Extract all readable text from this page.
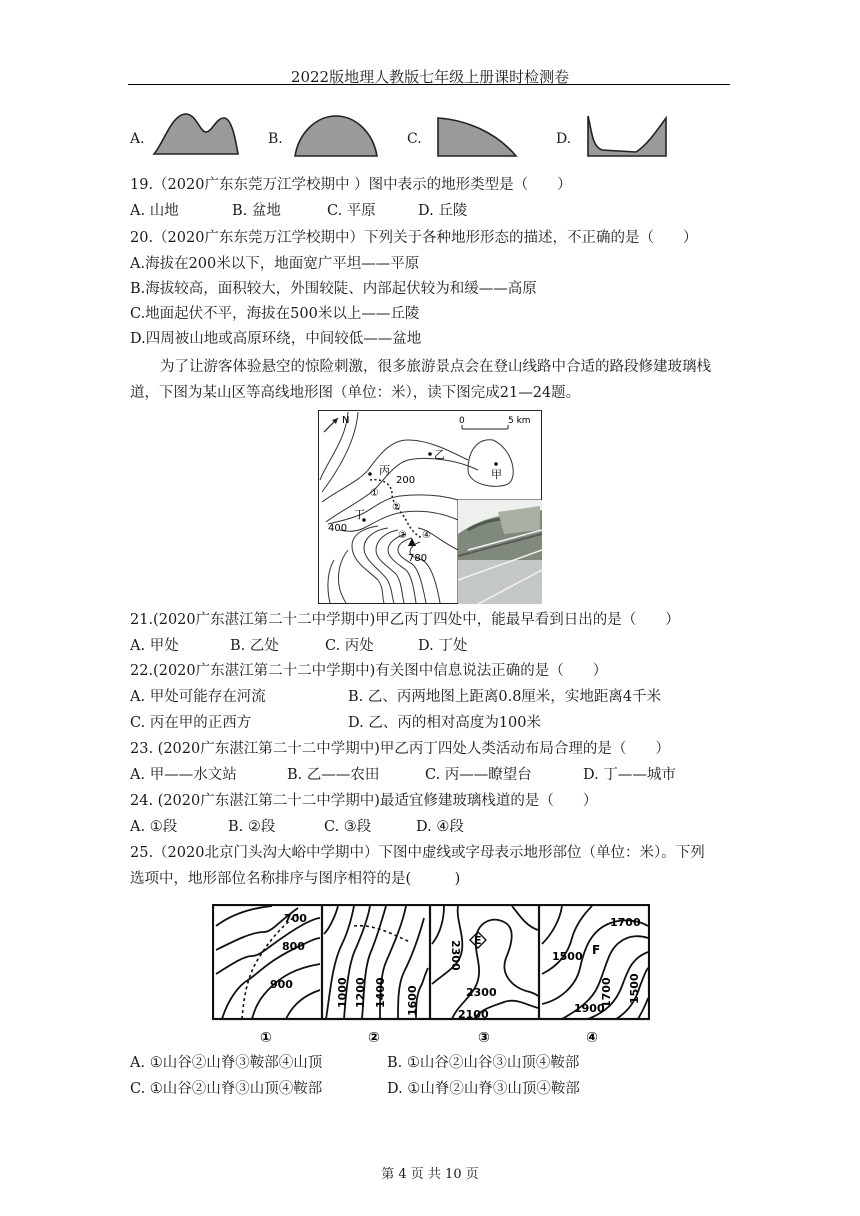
2022版地理人教版七年级上册课时检测卷
A.	B.	C.	D.
19.（2020广东东莞万江学校期中 ）图中表示的地形类型是（　　）
A. 山地	B. 盆地	C. 平原	D. 丘陵
20.（2020广东东莞万江学校期中）下列关于各种地形形态的描述，不正确的是（　　）
A.海拔在200米以下，地面宽广平坦——平原
B.海拔较高，面积较大，外围较陡、内部起伏较为和缓——高原
C.地面起伏不平，海拔在500米以上——丘陵
D.四周被山地或高原环绕，中间较低——盆地
为了让游客体验悬空的惊险刺激，很多旅游景点会在登山线路中合适的路段修建玻璃栈
道，下图为某山区等高线地形图（单位：米），读下图完成21—24题。
N	0	5 km
乙
甲
丙
丁
200
400
780
①
②
③ ④
21.(2020广东湛江第二十二中学期中)甲乙丙丁四处中，能最早看到日出的是（　　）
A. 甲处	B. 乙处	C. 丙处	D. 丁处
22.(2020广东湛江第二十二中学期中)有关图中信息说法正确的是（　　）
A. 甲处可能存在河流	B. 乙、丙两地图上距离0.8厘米，实地距离4千米
C. 丙在甲的正西方	D. 乙、丙的相对高度为100米
23. (2020广东湛江第二十二中学期中)甲乙丙丁四处人类活动布局合理的是（　　）
A. 甲——水文站	B. 乙——农田	C. 丙——瞭望台	D. 丁——城市
24. (2020广东湛江第二十二中学期中)最适宜修建玻璃栈道的是（　　）
A. ①段	B. ②段	C. ③段	D. ④段
25.（2020北京门头沟大峪中学期中）下图中虚线或字母表示地形部位（单位：米）。下列
选项中，地形部位名称排序与图序相符的是(　　　)
700
800
900	1000 1200 1400 1600
2300 E
2300
2100
1700
1500 F
1700 1500
1900
①	②	③	④
A. ①山谷②山脊③鞍部④山顶	B. ①山谷②山谷③山顶④鞍部
C. ①山谷②山脊③山顶④鞍部	D. ①山脊②山脊③山顶④鞍部
第 4 页 共 10 页
